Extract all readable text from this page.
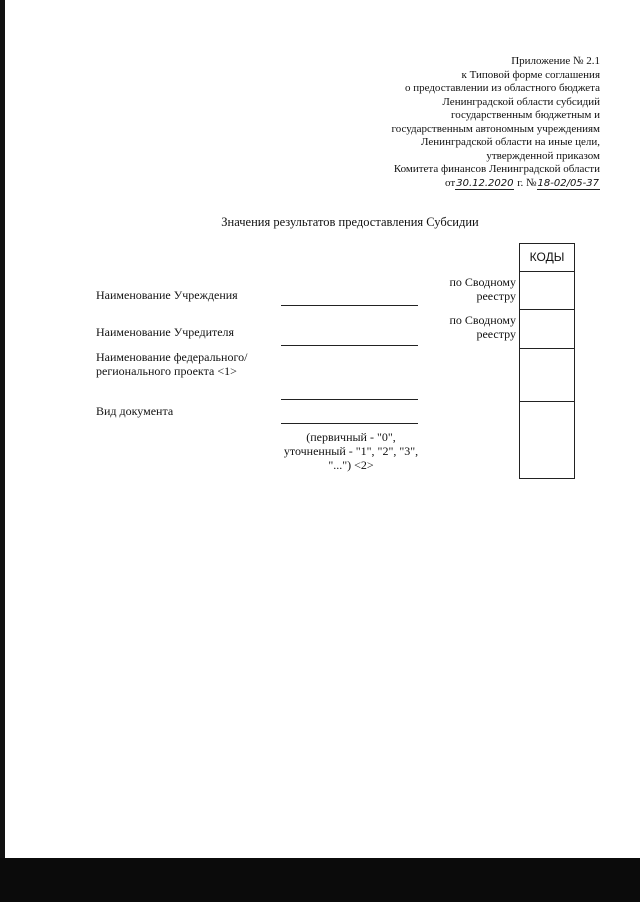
Приложение № 2.1
к Типовой форме соглашения
о предоставлении из областного бюджета
Ленинградской области субсидий
государственным бюджетным и
государственным автономным учреждениям
Ленинградской области на иные цели,
утвержденной приказом
Комитета финансов Ленинградской области
от30.12.2020 г. №18-02/05-37
Значения результатов предоставления Субсидии
Наименование Учреждения
по Сводному реестру
Наименование Учредителя
по Сводному реестру
Наименование федерального/регионального проекта <1>
Вид документа
(первичный - "0", уточненный - "1", "2", "3", "...") <2>
КОДЫ
